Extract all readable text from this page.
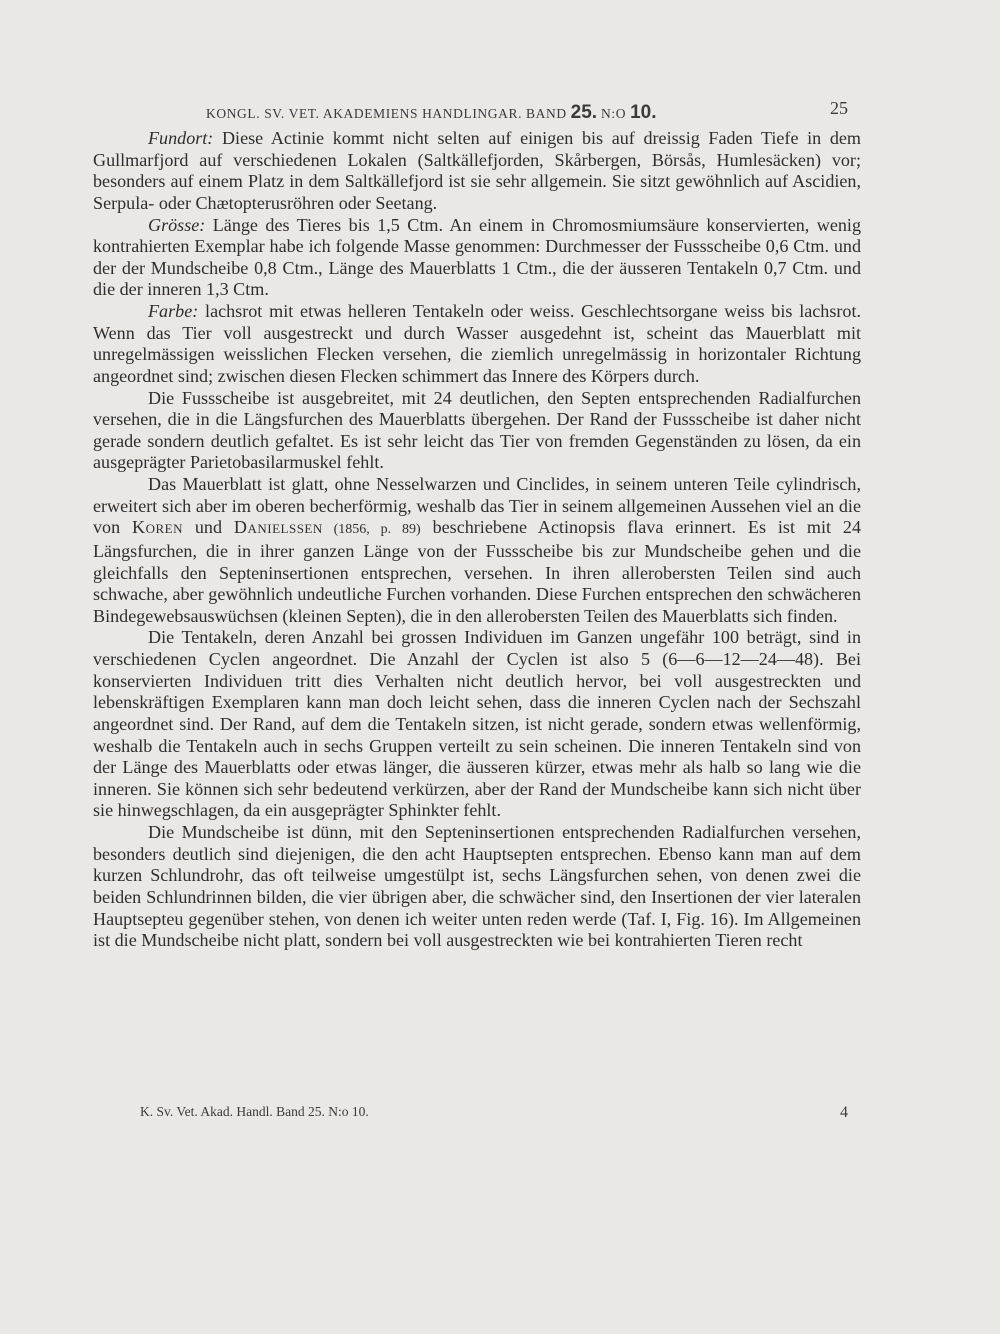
KONGL. SV. VET. AKADEMIENS HANDLINGAR. BAND 25. N:O 10.	25

Fundort: Diese Actinie kommt nicht selten auf einigen bis auf dreissig Faden Tiefe in dem Gullmarfjord auf verschiedenen Lokalen (Saltkällefjorden, Skårbergen, Börsås, Humlesäcken) vor; besonders auf einem Platz in dem Saltkällefjord ist sie sehr allgemein. Sie sitzt gewöhnlich auf Ascidien, Serpula- oder Chætopterusröhren oder Seetang.

Grösse: Länge des Tieres bis 1,5 Ctm. An einem in Chromosmiumsäure konservierten, wenig kontrahierten Exemplar habe ich folgende Masse genommen: Durchmesser der Fussscheibe 0,6 Ctm. und der der Mundscheibe 0,8 Ctm., Länge des Mauerblatts 1 Ctm., die der äusseren Tentakeln 0,7 Ctm. und die der inneren 1,3 Ctm.

Farbe: lachsrot mit etwas helleren Tentakeln oder weiss. Geschlechtsorgane weiss bis lachsrot. Wenn das Tier voll ausgestreckt und durch Wasser ausgedehnt ist, scheint das Mauerblatt mit unregelmässigen weisslichen Flecken versehen, die ziemlich unregelmässig in horizontaler Richtung angeordnet sind; zwischen diesen Flecken schimmert das Innere des Körpers durch.

Die Fussscheibe ist ausgebreitet, mit 24 deutlichen, den Septen entsprechenden Radialfurchen versehen, die in die Längsfurchen des Mauerblatts übergehen. Der Rand der Fussscheibe ist daher nicht gerade sondern deutlich gefaltet. Es ist sehr leicht das Tier von fremden Gegenständen zu lösen, da ein ausgeprägter Parietobasilarmuskel fehlt.

Das Mauerblatt ist glatt, ohne Nesselwarzen und Cinclides, in seinem unteren Teile cylindrisch, erweitert sich aber im oberen becherförmig, weshalb das Tier in seinem allgemeinen Aussehen viel an die von Koren und Danielssen (1856, p. 89) beschriebene Actinopsis flava erinnert. Es ist mit 24 Längsfurchen, die in ihrer ganzen Länge von der Fussscheibe bis zur Mundscheibe gehen und die gleichfalls den Septeninsertionen entsprechen, versehen. In ihren allerobersten Teilen sind auch schwache, aber gewöhnlich undeutliche Furchen vorhanden. Diese Furchen entsprechen den schwächeren Bindegewebsauswüchsen (kleinen Septen), die in den allerobersten Teilen des Mauerblatts sich finden.

Die Tentakeln, deren Anzahl bei grossen Individuen im Ganzen ungefähr 100 beträgt, sind in verschiedenen Cyclen angeordnet. Die Anzahl der Cyclen ist also 5 (6—6—12—24—48). Bei konservierten Individuen tritt dies Verhalten nicht deutlich hervor, bei voll ausgestreckten und lebenskräftigen Exemplaren kann man doch leicht sehen, dass die inneren Cyclen nach der Sechszahl angeordnet sind. Der Rand, auf dem die Tentakeln sitzen, ist nicht gerade, sondern etwas wellenförmig, weshalb die Tentakeln auch in sechs Gruppen verteilt zu sein scheinen. Die inneren Tentakeln sind von der Länge des Mauerblatts oder etwas länger, die äusseren kürzer, etwas mehr als halb so lang wie die inneren. Sie können sich sehr bedeutend verkürzen, aber der Rand der Mundscheibe kann sich nicht über sie hinwegschlagen, da ein ausgeprägter Sphinkter fehlt.

Die Mundscheibe ist dünn, mit den Septeninsertionen entsprechenden Radialfurchen versehen, besonders deutlich sind diejenigen, die den acht Hauptsepten entsprechen. Ebenso kann man auf dem kurzen Schlundrohr, das oft teilweise umgestülpt ist, sechs Längsfurchen sehen, von denen zwei die beiden Schlundrinnen bilden, die vier übrigen aber, die schwächer sind, den Insertionen der vier lateralen Hauptsepteu gegenüber stehen, von denen ich weiter unten reden werde (Taf. I, Fig. 16). Im Allgemeinen ist die Mundscheibe nicht platt, sondern bei voll ausgestreckten wie bei kontrahierten Tieren recht

K. Sv. Vet. Akad. Handl. Band 25. N:o 10.	4
